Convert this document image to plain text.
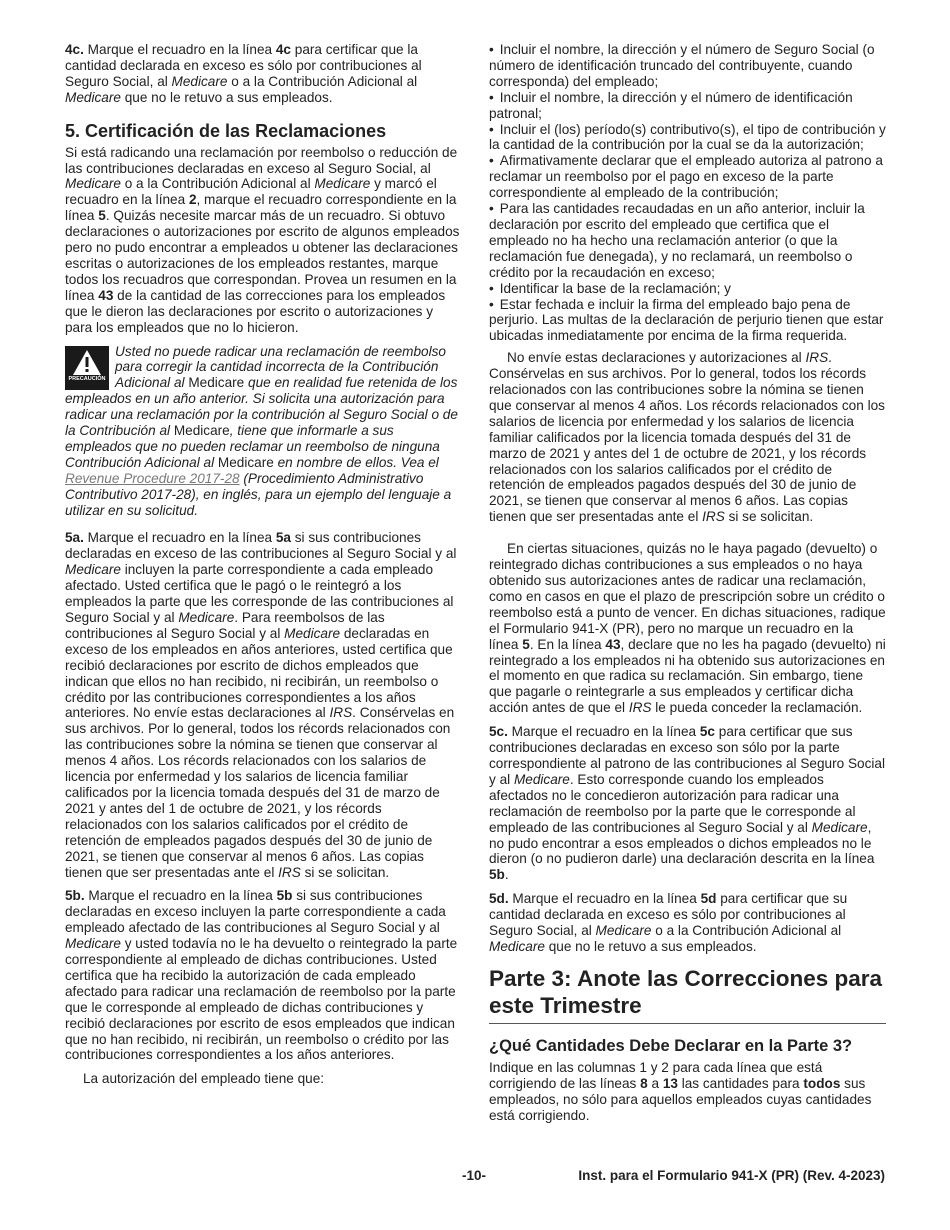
4c. Marque el recuadro en la línea 4c para certificar que la cantidad declarada en exceso es sólo por contribuciones al Seguro Social, al Medicare o a la Contribución Adicional al Medicare que no le retuvo a sus empleados.

5. Certificación de las Reclamaciones

Si está radicando una reclamación por reembolso o reducción de las contribuciones declaradas en exceso al Seguro Social, al Medicare o a la Contribución Adicional al Medicare y marcó el recuadro en la línea 2, marque el recuadro correspondiente en la línea 5. Quizás necesite marcar más de un recuadro. Si obtuvo declaraciones o autorizaciones por escrito de algunos empleados pero no pudo encontrar a empleados u obtener las declaraciones escritas o autorizaciones de los empleados restantes, marque todos los recuadros que correspondan. Provea un resumen en la línea 43 de la cantidad de las correcciones para los empleados que le dieron las declaraciones por escrito o autorizaciones y para los empleados que no lo hicieron.

PRECAUCIÓN
Usted no puede radicar una reclamación de reembolso para corregir la cantidad incorrecta de la Contribución Adicional al Medicare que en realidad fue retenida de los empleados en un año anterior. Si solicita una autorización para radicar una reclamación por la contribución al Seguro Social o de la Contribución al Medicare, tiene que informarle a sus empleados que no pueden reclamar un reembolso de ninguna Contribución Adicional al Medicare en nombre de ellos. Vea el Revenue Procedure 2017-28 (Procedimiento Administrativo Contributivo 2017-28), en inglés, para un ejemplo del lenguaje a utilizar en su solicitud.

5a. Marque el recuadro en la línea 5a si sus contribuciones declaradas en exceso de las contribuciones al Seguro Social y al Medicare incluyen la parte correspondiente a cada empleado afectado. Usted certifica que le pagó o le reintegró a los empleados la parte que les corresponde de las contribuciones al Seguro Social y al Medicare. Para reembolsos de las contribuciones al Seguro Social y al Medicare declaradas en exceso de los empleados en años anteriores, usted certifica que recibió declaraciones por escrito de dichos empleados que indican que ellos no han recibido, ni recibirán, un reembolso o crédito por las contribuciones correspondientes a los años anteriores. No envíe estas declaraciones al IRS. Consérvelas en sus archivos. Por lo general, todos los récords relacionados con las contribuciones sobre la nómina se tienen que conservar al menos 4 años. Los récords relacionados con los salarios de licencia por enfermedad y los salarios de licencia familiar calificados por la licencia tomada después del 31 de marzo de 2021 y antes del 1 de octubre de 2021, y los récords relacionados con los salarios calificados por el crédito de retención de empleados pagados después del 30 de junio de 2021, se tienen que conservar al menos 6 años. Las copias tienen que ser presentadas ante el IRS si se solicitan.

5b. Marque el recuadro en la línea 5b si sus contribuciones declaradas en exceso incluyen la parte correspondiente a cada empleado afectado de las contribuciones al Seguro Social y al Medicare y usted todavía no le ha devuelto o reintegrado la parte correspondiente al empleado de dichas contribuciones. Usted certifica que ha recibido la autorización de cada empleado afectado para radicar una reclamación de reembolso por la parte que le corresponde al empleado de dichas contribuciones y recibió declaraciones por escrito de esos empleados que indican que no han recibido, ni recibirán, un reembolso o crédito por las contribuciones correspondientes a los años anteriores.

La autorización del empleado tiene que:

• Incluir el nombre, la dirección y el número de Seguro Social (o número de identificación truncado del contribuyente, cuando corresponda) del empleado;
• Incluir el nombre, la dirección y el número de identificación patronal;
• Incluir el (los) período(s) contributivo(s), el tipo de contribución y la cantidad de la contribución por la cual se da la autorización;
• Afirmativamente declarar que el empleado autoriza al patrono a reclamar un reembolso por el pago en exceso de la parte correspondiente al empleado de la contribución;
• Para las cantidades recaudadas en un año anterior, incluir la declaración por escrito del empleado que certifica que el empleado no ha hecho una reclamación anterior (o que la reclamación fue denegada), y no reclamará, un reembolso o crédito por la recaudación en exceso;
• Identificar la base de la reclamación; y
• Estar fechada e incluir la firma del empleado bajo pena de perjurio. Las multas de la declaración de perjurio tienen que estar ubicadas inmediatamente por encima de la firma requerida.

No envíe estas declaraciones y autorizaciones al IRS. Consérvelas en sus archivos. Por lo general, todos los récords relacionados con las contribuciones sobre la nómina se tienen que conservar al menos 4 años. Los récords relacionados con los salarios de licencia por enfermedad y los salarios de licencia familiar calificados por la licencia tomada después del 31 de marzo de 2021 y antes del 1 de octubre de 2021, y los récords relacionados con los salarios calificados por el crédito de retención de empleados pagados después del 30 de junio de 2021, se tienen que conservar al menos 6 años. Las copias tienen que ser presentadas ante el IRS si se solicitan.

En ciertas situaciones, quizás no le haya pagado (devuelto) o reintegrado dichas contribuciones a sus empleados o no haya obtenido sus autorizaciones antes de radicar una reclamación, como en casos en que el plazo de prescripción sobre un crédito o reembolso está a punto de vencer. En dichas situaciones, radique el Formulario 941-X (PR), pero no marque un recuadro en la línea 5. En la línea 43, declare que no les ha pagado (devuelto) ni reintegrado a los empleados ni ha obtenido sus autorizaciones en el momento en que radica su reclamación. Sin embargo, tiene que pagarle o reintegrarle a sus empleados y certificar dicha acción antes de que el IRS le pueda conceder la reclamación.

5c. Marque el recuadro en la línea 5c para certificar que sus contribuciones declaradas en exceso son sólo por la parte correspondiente al patrono de las contribuciones al Seguro Social y al Medicare. Esto corresponde cuando los empleados afectados no le concedieron autorización para radicar una reclamación de reembolso por la parte que le corresponde al empleado de las contribuciones al Seguro Social y al Medicare, no pudo encontrar a esos empleados o dichos empleados no le dieron (o no pudieron darle) una declaración descrita en la línea 5b.

5d. Marque el recuadro en la línea 5d para certificar que su cantidad declarada en exceso es sólo por contribuciones al Seguro Social, al Medicare o a la Contribución Adicional al Medicare que no le retuvo a sus empleados.

Parte 3: Anote las Correcciones para este Trimestre
¿Qué Cantidades Debe Declarar en la Parte 3?

Indique en las columnas 1 y 2 para cada línea que está corrigiendo de las líneas 8 a 13 las cantidades para todos sus empleados, no sólo para aquellos empleados cuyas cantidades está corrigiendo.

-10-	Inst. para el Formulario 941-X (PR) (Rev. 4-2023)
